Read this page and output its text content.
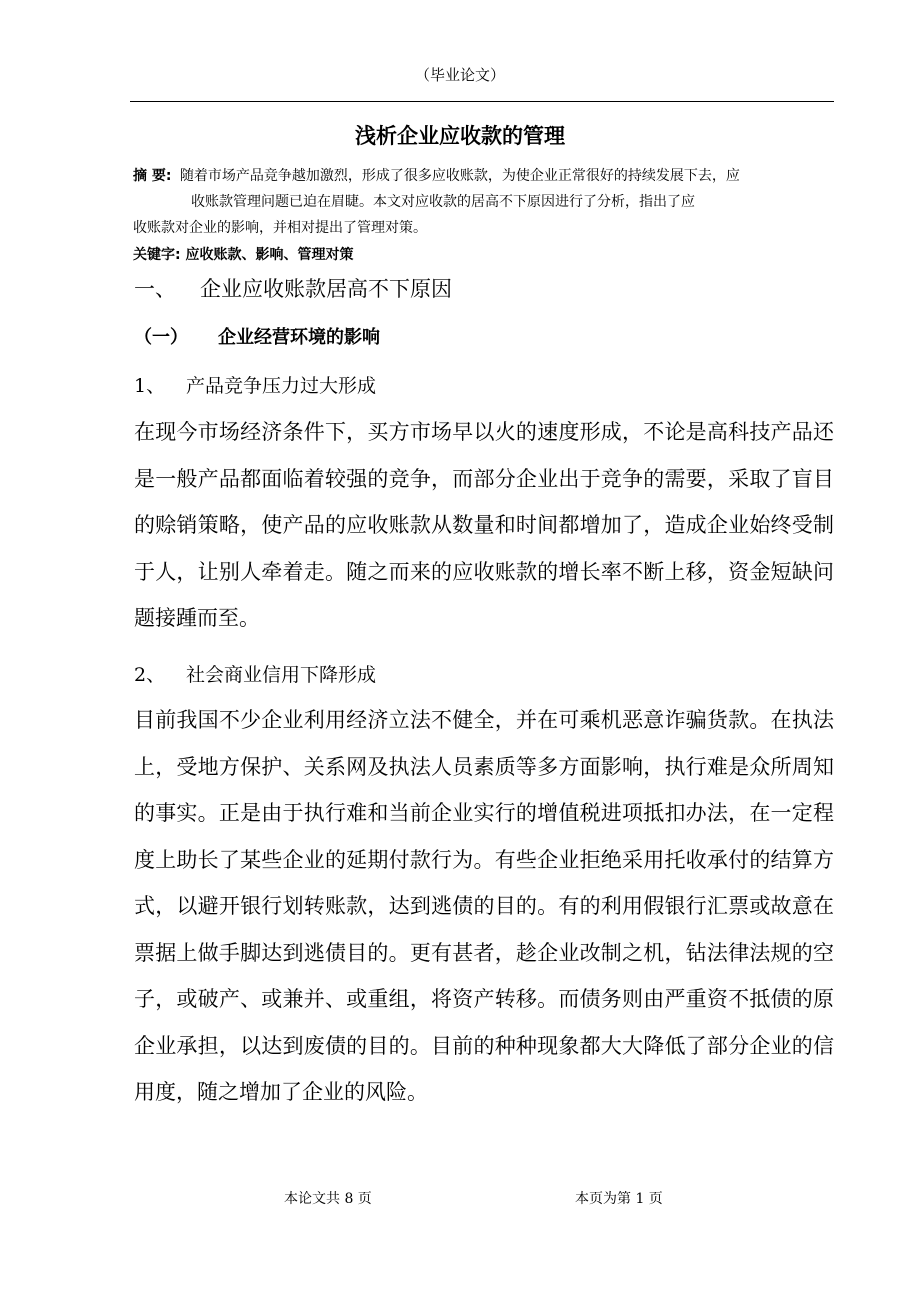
（毕业论文）
浅析企业应收款的管理
摘 要: 随着市场产品竞争越加激烈，形成了很多应收账款，为使企业正常很好的持续发展下去，应
收账款管理问题已迫在眉睫。本文对应收款的居高不下原因进行了分析，指出了应
收账款对企业的影响，并相对提出了管理对策。
关键字: 应收账款、影响、管理对策
一、 企业应收账款居高不下原因
（一） 企业经营环境的影响
1、 产品竞争压力过大形成
在现今市场经济条件下，买方市场早以火的速度形成，不论是高科技产品还是一般产品都面临着较强的竞争，而部分企业出于竞争的需要，采取了盲目的赊销策略，使产品的应收账款从数量和时间都增加了，造成企业始终受制于人，让别人牵着走。随之而来的应收账款的增长率不断上移，资金短缺问题接踵而至。
2、 社会商业信用下降形成
目前我国不少企业利用经济立法不健全，并在可乘机恶意诈骗货款。在执法上，受地方保护、关系网及执法人员素质等多方面影响，执行难是众所周知的事实。正是由于执行难和当前企业实行的增值税进项抵扣办法，在一定程度上助长了某些企业的延期付款行为。有些企业拒绝采用托收承付的结算方式，以避开银行划转账款，达到逃债的目的。有的利用假银行汇票或故意在票据上做手脚达到逃债目的。更有甚者，趁企业改制之机，钻法律法规的空子，或破产、或兼并、或重组，将资产转移。而债务则由严重资不抵债的原企业承担，以达到废债的目的。目前的种种现象都大大降低了部分企业的信用度，随之增加了企业的风险。
本论文共 8 页	本页为第 1 页
